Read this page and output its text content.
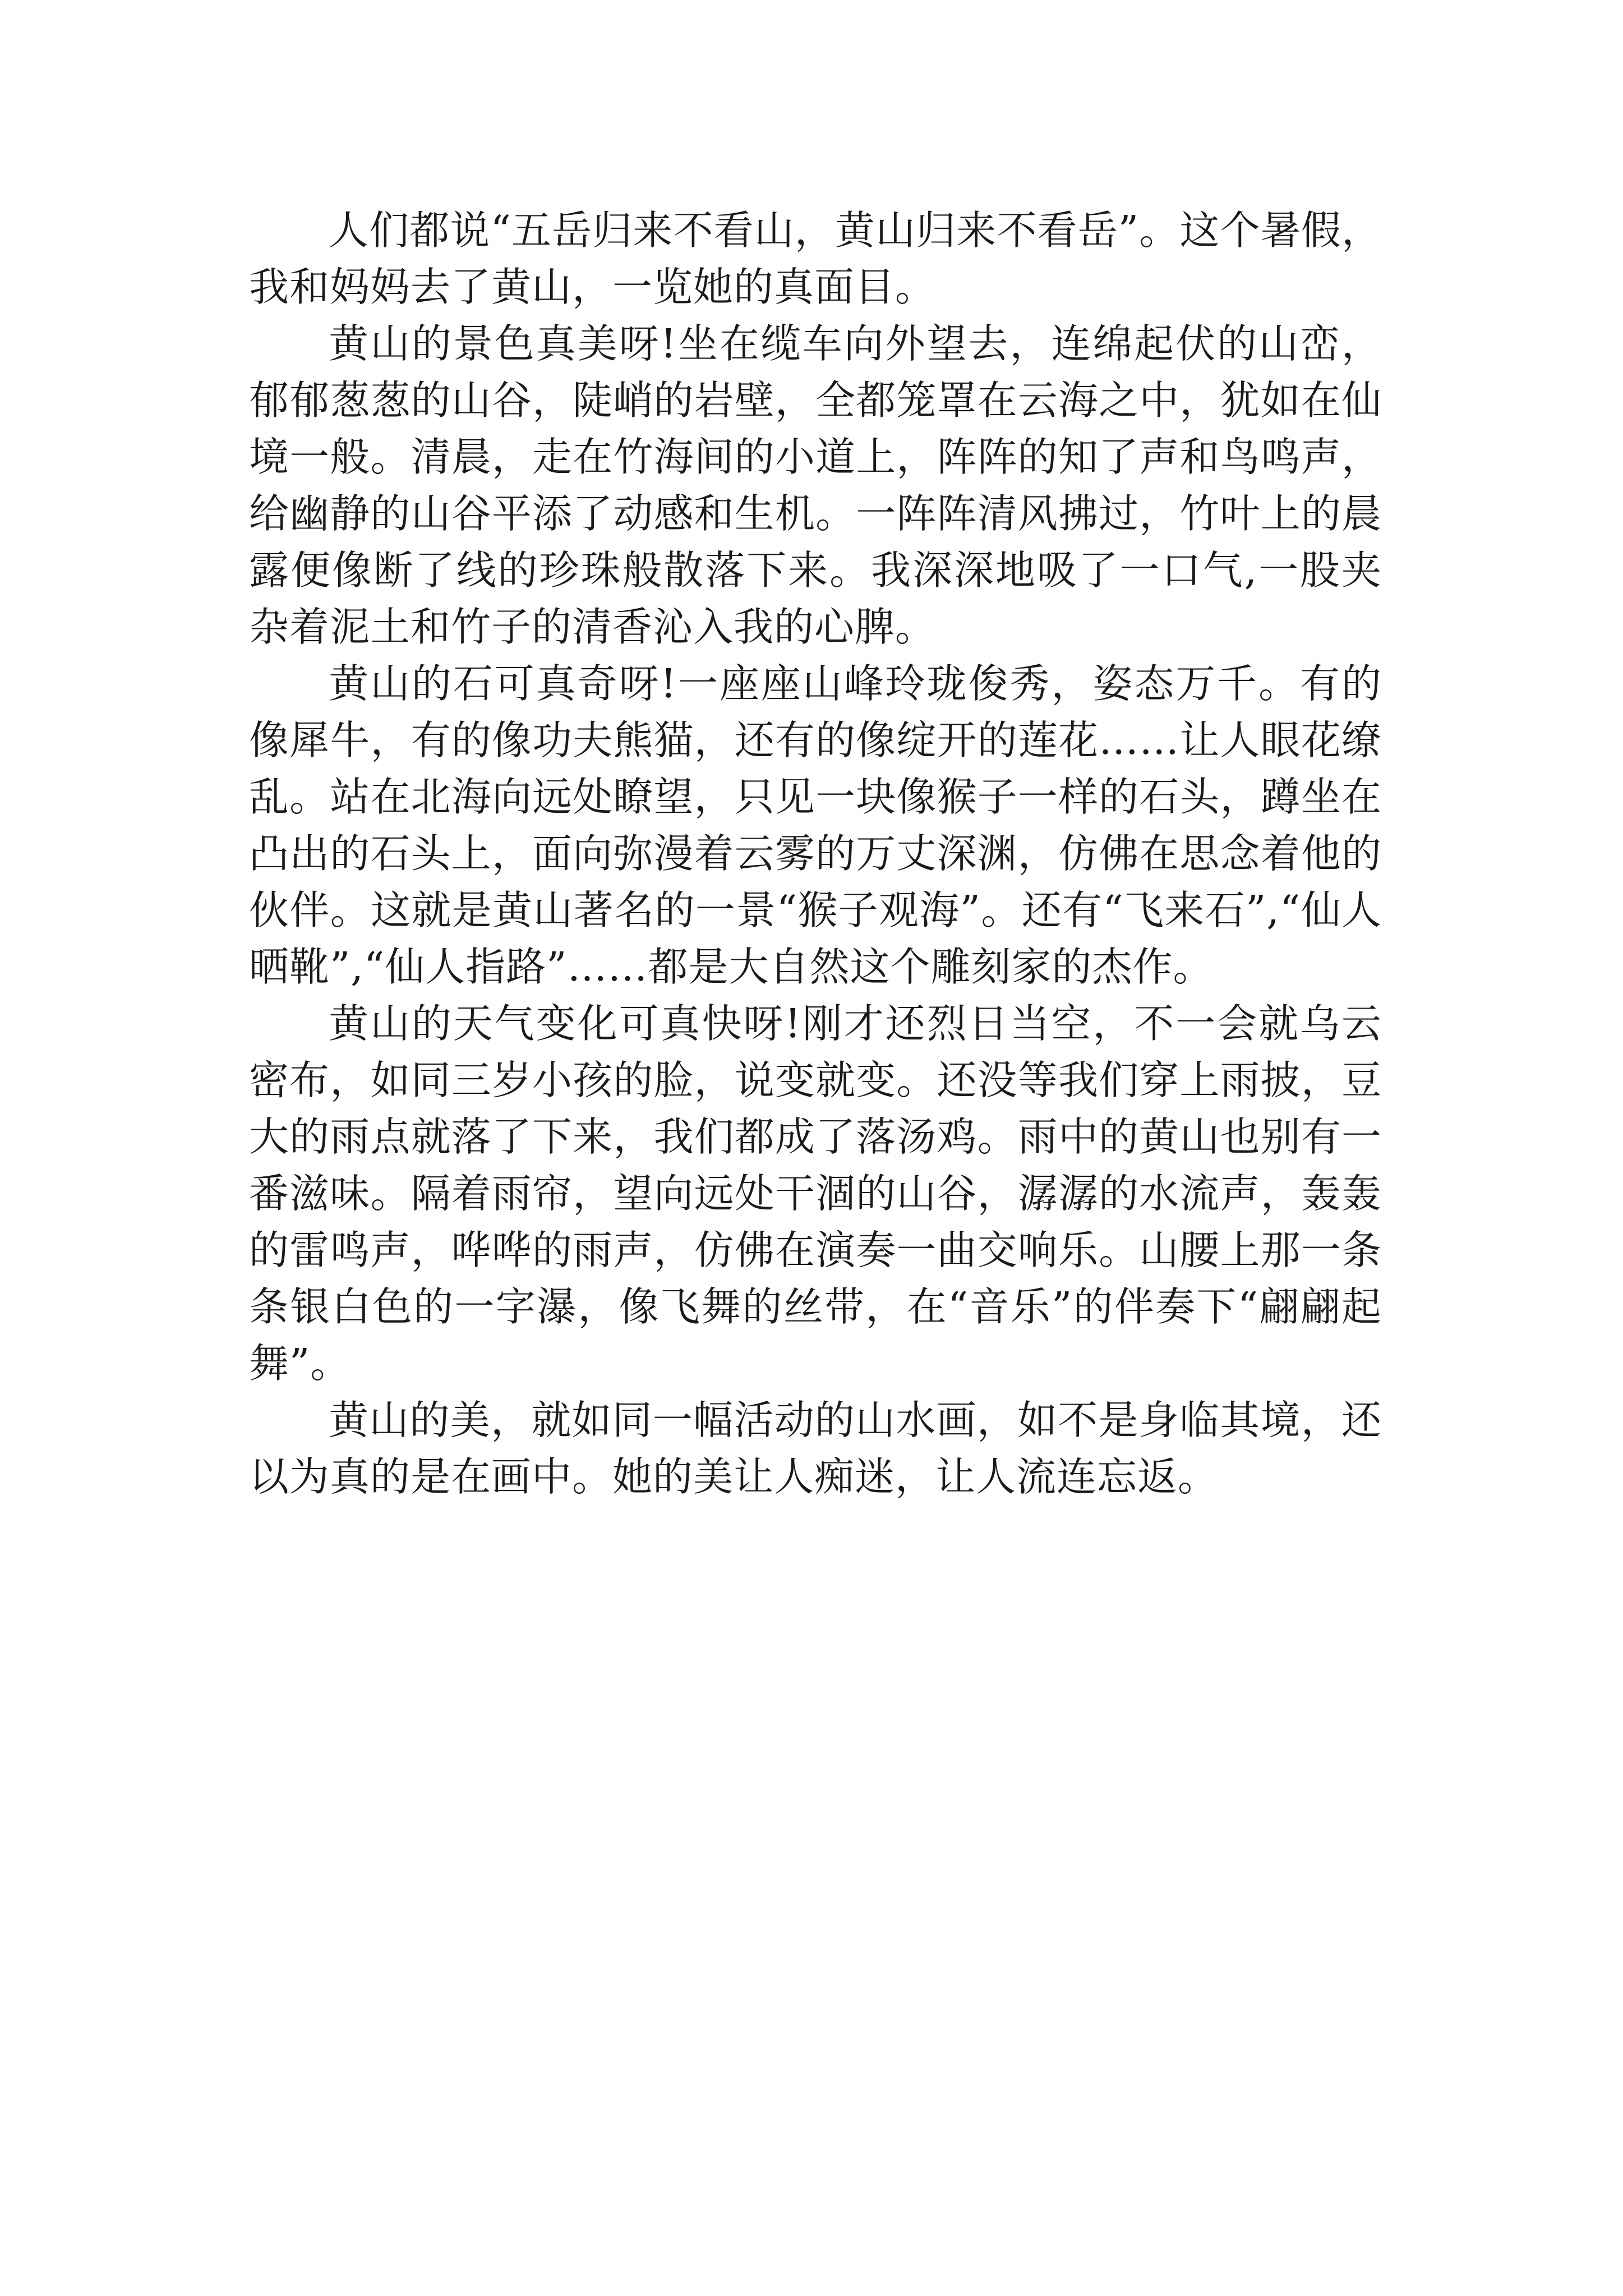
人们都说“五岳归来不看山，黄山归来不看岳”。这个暑假，我和妈妈去了黄山，一览她的真面目。

黄山的景色真美呀!坐在缆车向外望去，连绵起伏的山峦，郁郁葱葱的山谷，陡峭的岩壁，全都笼罩在云海之中，犹如在仙境一般。清晨，走在竹海间的小道上，阵阵的知了声和鸟鸣声，给幽静的山谷平添了动感和生机。一阵阵清风拂过，竹叶上的晨露便像断了线的珍珠般散落下来。我深深地吸了一口气,一股夹杂着泥土和竹子的清香沁入我的心脾。

黄山的石可真奇呀!一座座山峰玲珑俊秀，姿态万千。有的像犀牛，有的像功夫熊猫，还有的像绽开的莲花……让人眼花缭乱。站在北海向远处瞭望，只见一块像猴子一样的石头，蹲坐在凸出的石头上，面向弥漫着云雾的万丈深渊，仿佛在思念着他的伙伴。这就是黄山著名的一景“猴子观海”。还有“飞来石”,“仙人晒靴”,“仙人指路”……都是大自然这个雕刻家的杰作。

黄山的天气变化可真快呀!刚才还烈日当空，不一会就乌云密布，如同三岁小孩的脸，说变就变。还没等我们穿上雨披，豆大的雨点就落了下来，我们都成了落汤鸡。雨中的黄山也别有一番滋味。隔着雨帘，望向远处干涸的山谷，潺潺的水流声，轰轰的雷鸣声，哗哗的雨声，仿佛在演奏一曲交响乐。山腰上那一条条银白色的一字瀑，像飞舞的丝带，在“音乐”的伴奏下“翩翩起舞”。

黄山的美，就如同一幅活动的山水画，如不是身临其境，还以为真的是在画中。她的美让人痴迷，让人流连忘返。
